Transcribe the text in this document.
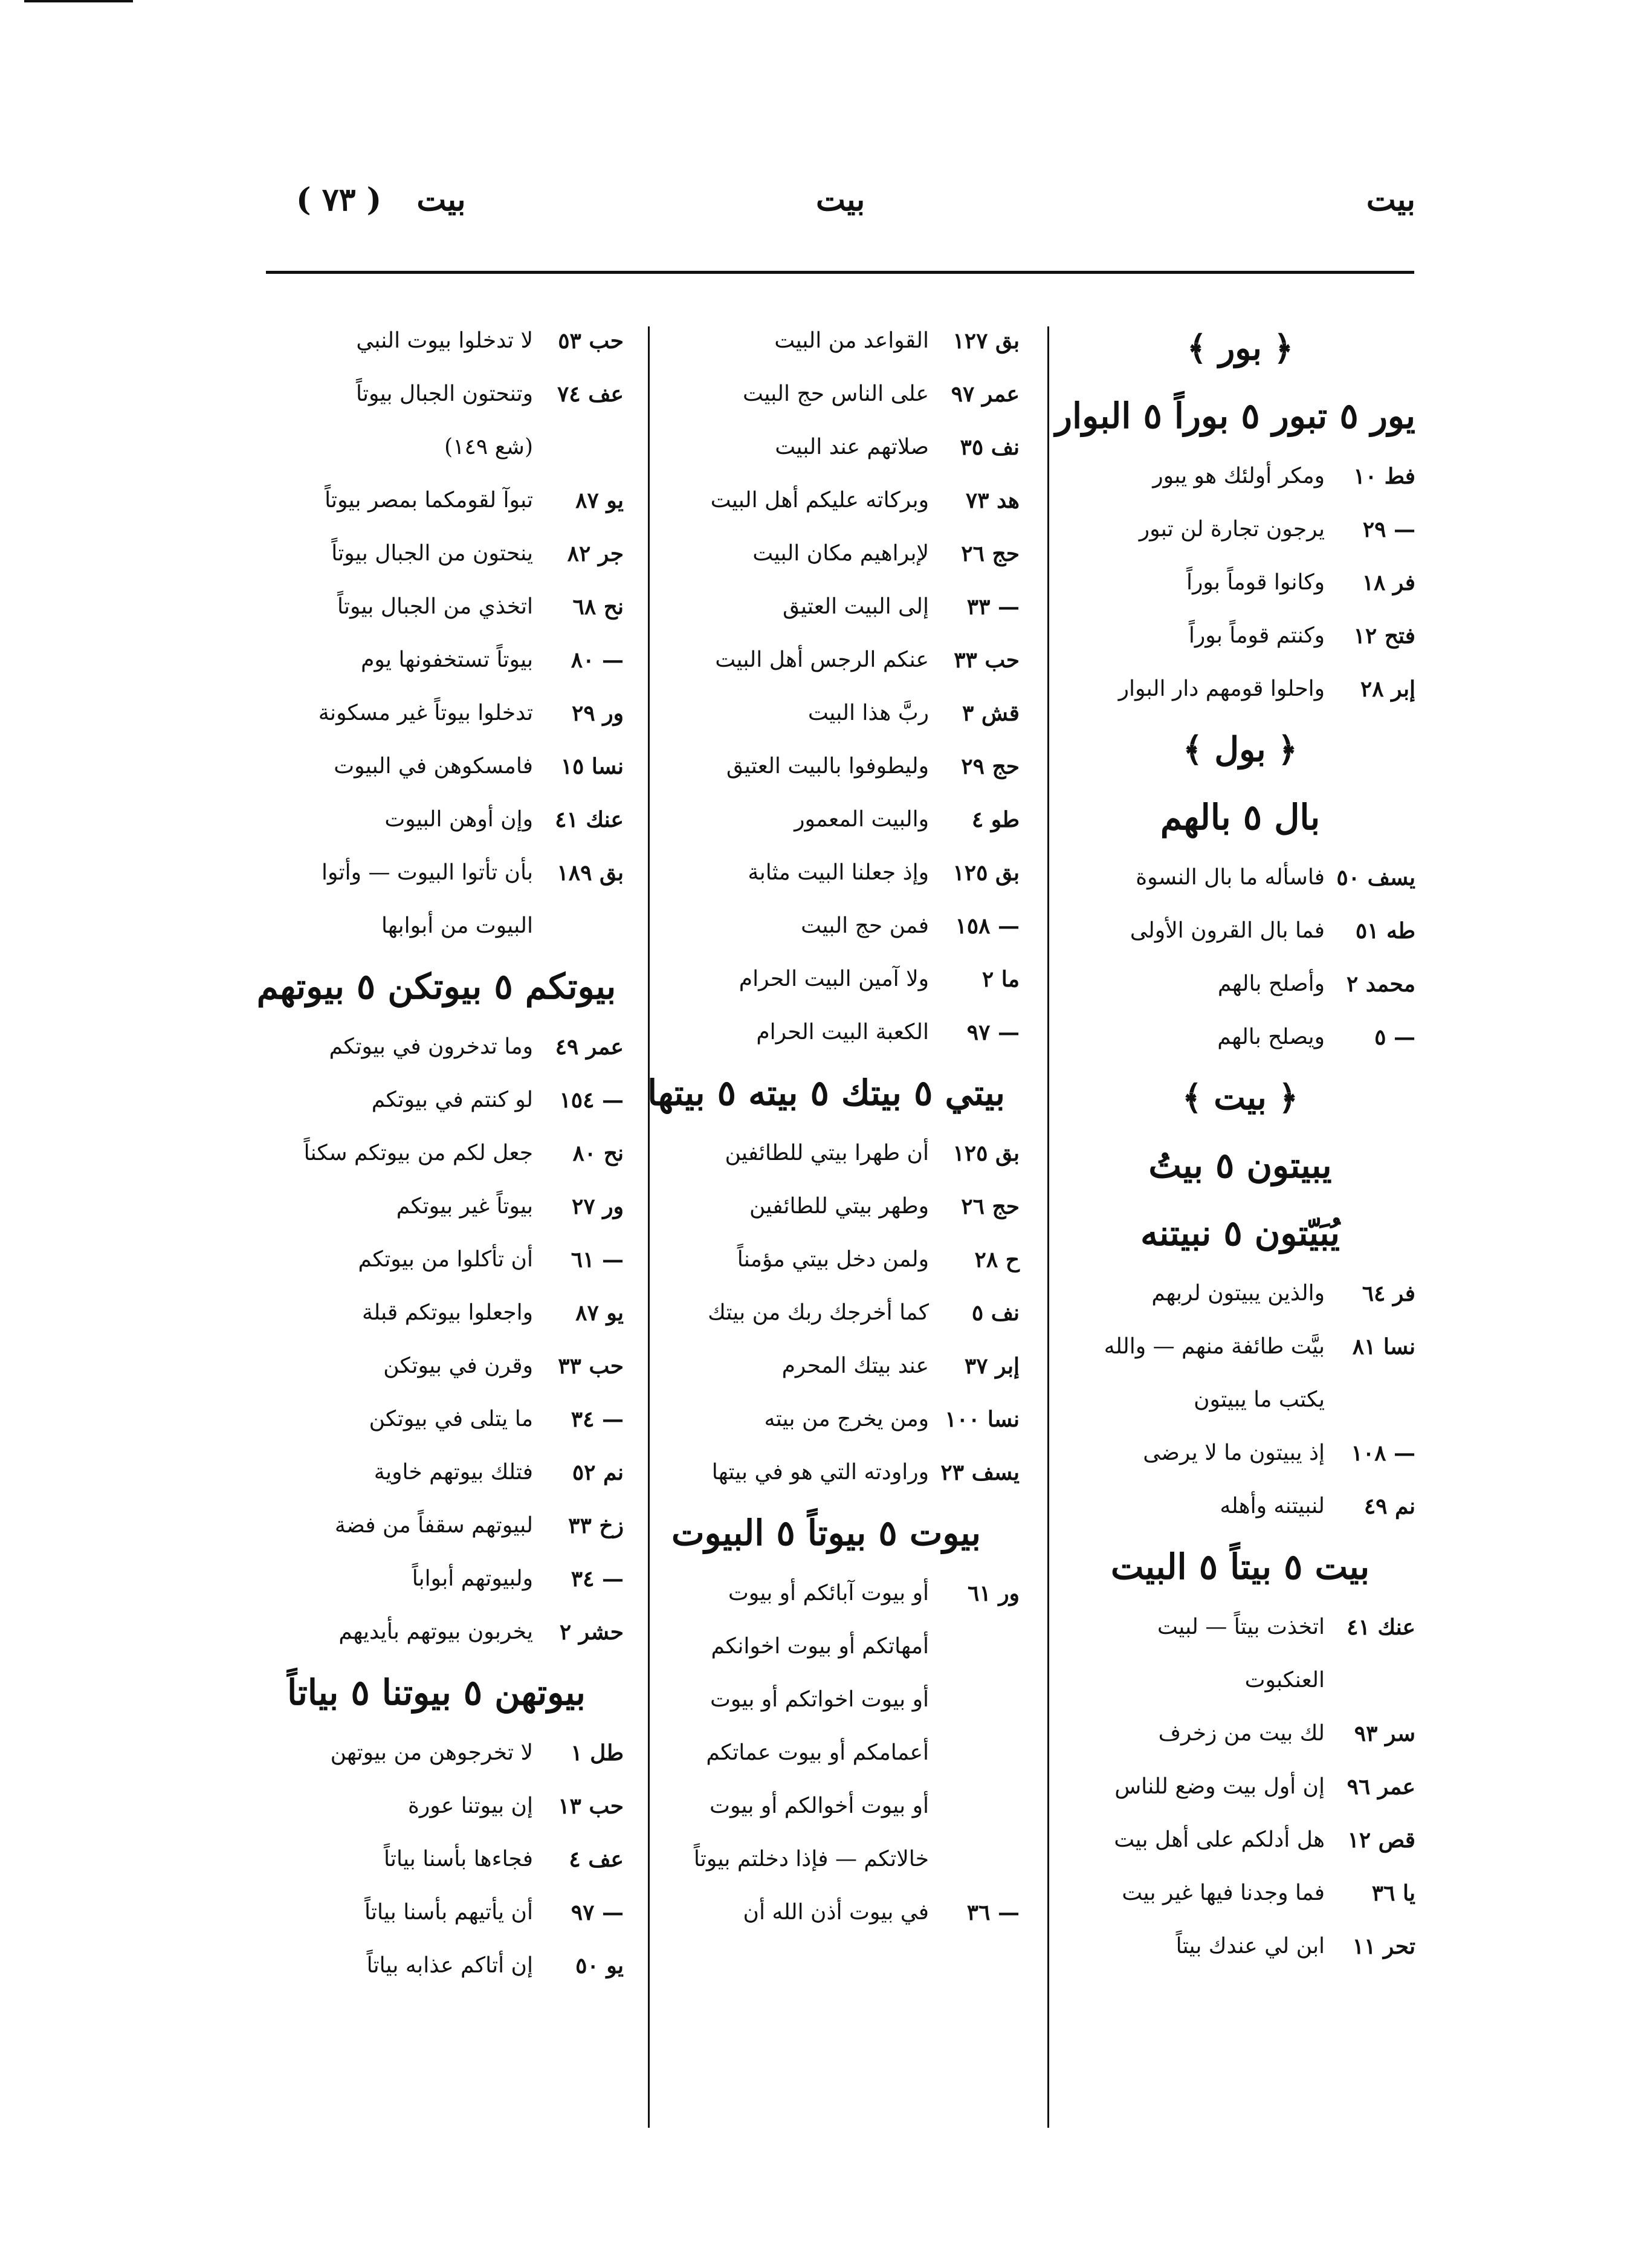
بيت
بيت
بيت ( ٧٣ )
﴿ بور ﴾
يور ٥ تبور ٥ بوراً ٥ البوار
فط ١٠
ومكر أولئك هو يبور
— ٢٩
يرجون تجارة لن تبور
فر ١٨
وكانوا قوماً بوراً
فتح ١٢
وكنتم قوماً بوراً
إبر ٢٨
واحلوا قومهم دار البوار
﴿ بول ﴾
بال ٥ بالهم
يسف ٥٠
فاسأله ما بال النسوة
طه ٥١
فما بال القرون الأولى
محمد ٢
وأصلح بالهم
— ٥
ويصلح بالهم
﴿ بيت ﴾
يبيتون ٥ بيتُ
يُبَيّتون ٥ نبيتنه
فر ٦٤
والذين يبيتون لربهم
نسا ٨١
بيَّت طائفة منهم — والله
يكتب ما يبيتون
— ١٠٨
إذ يبيتون ما لا يرضى
نم ٤٩
لنبيتنه وأهله
بيت ٥ بيتاً ٥ البيت
عنك ٤١
اتخذت بيتاً — لبيت
العنكبوت
سر ٩٣
لك بيت من زخرف
عمر ٩٦
إن أول بيت وضع للناس
قص ١٢
هل أدلكم على أهل بيت
يا ٣٦
فما وجدنا فيها غير بيت
تحر ١١
ابن لي عندك بيتاً
بق ١٢٧
القواعد من البيت
عمر ٩٧
على الناس حج البيت
نف ٣٥
صلاتهم عند البيت
هد ٧٣
وبركاته عليكم أهل البيت
حج ٢٦
لإبراهيم مكان البيت
— ٣٣
إلى البيت العتيق
حب ٣٣
عنكم الرجس أهل البيت
قش ٣
ربَّ هذا البيت
حج ٢٩
وليطوفوا بالبيت العتيق
طو ٤
والبيت المعمور
بق ١٢٥
وإذ جعلنا البيت مثابة
— ١٥٨
فمن حج البيت
ما ٢
ولا آمين البيت الحرام
— ٩٧
الكعبة البيت الحرام
بيتي ٥ بيتك ٥ بيته ٥ بيتها
بق ١٢٥
أن طهرا بيتي للطائفين
حج ٢٦
وطهر بيتي للطائفين
ح ٢٨
ولمن دخل بيتي مؤمناً
نف ٥
كما أخرجك ربك من بيتك
إبر ٣٧
عند بيتك المحرم
نسا ١٠٠
ومن يخرج من بيته
يسف ٢٣
وراودته التي هو في بيتها
بيوت ٥ بيوتاً ٥ البيوت
ور ٦١
أو بيوت آبائكم أو بيوت
أمهاتكم أو بيوت اخوانكم
أو بيوت اخواتكم أو بيوت
أعمامكم أو بيوت عماتكم
أو بيوت أخوالكم أو بيوت
خالاتكم — فإذا دخلتم بيوتاً
— ٣٦
في بيوت أذن الله أن
حب ٥٣
لا تدخلوا بيوت النبي
عف ٧٤
وتنحتون الجبال بيوتاً
(شع ١٤٩)
يو ٨٧
تبوآ لقومكما بمصر بيوتاً
جر ٨٢
ينحتون من الجبال بيوتاً
نح ٦٨
اتخذي من الجبال بيوتاً
— ٨٠
بيوتاً تستخفونها يوم
ور ٢٩
تدخلوا بيوتاً غير مسكونة
نسا ١٥
فامسكوهن في البيوت
عنك ٤١
وإن أوهن البيوت
بق ١٨٩
بأن تأتوا البيوت — وأتوا
البيوت من أبوابها
بيوتكم ٥ بيوتكن ٥ بيوتهم
عمر ٤٩
وما تدخرون في بيوتكم
— ١٥٤
لو كنتم في بيوتكم
نح ٨٠
جعل لكم من بيوتكم سكناً
ور ٢٧
بيوتاً غير بيوتكم
— ٦١
أن تأكلوا من بيوتكم
يو ٨٧
واجعلوا بيوتكم قبلة
حب ٣٣
وقرن في بيوتكن
— ٣٤
ما يتلى في بيوتكن
نم ٥٢
فتلك بيوتهم خاوية
زخ ٣٣
لبيوتهم سقفاً من فضة
— ٣٤
ولبيوتهم أبواباً
حشر ٢
يخربون بيوتهم بأيديهم
بيوتهن ٥ بيوتنا ٥ بياتاً
طل ١
لا تخرجوهن من بيوتهن
حب ١٣
إن بيوتنا عورة
عف ٤
فجاءها بأسنا بياتاً
— ٩٧
أن يأتيهم بأسنا بياتاً
يو ٥٠
إن أتاكم عذابه بياتاً
